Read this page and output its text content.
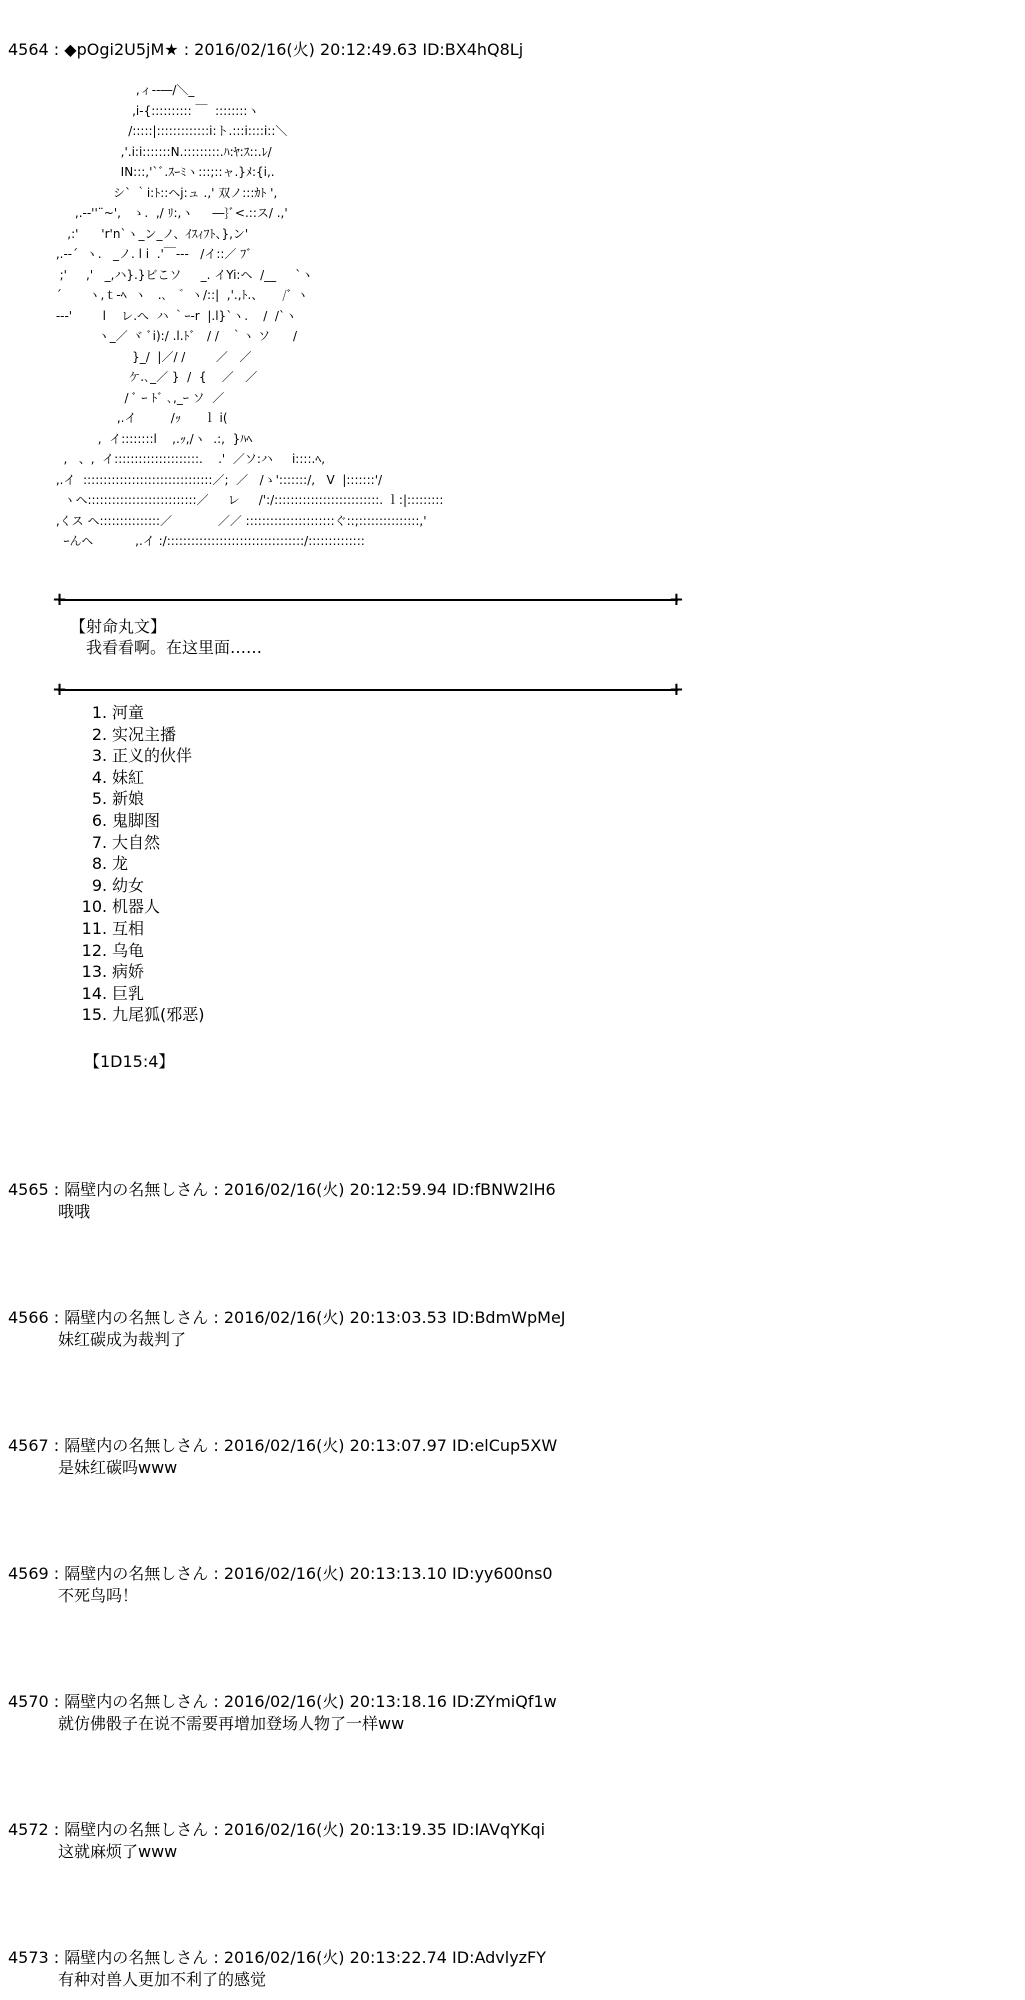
4564 : ◆pOgi2U5jM★ : 2016/02/16(火) 20:12:49.63 ID:BX4hQ8Lj
,ィ‐-―/＼_
,i-{:::::::::: ￣  ::::::::ヽ
/:::::|:::::::::::::i:ト.:::i::::i::＼
,'.i:i:::::::N.:::::::::.ﾊ:ﾔ:ｽ::.ﾚ/
IN:::,'`ﾞ.ｽｰﾐヽ:::;::ャ.}ﾒ:{i,.
シ` ｀i:ﾄ::ヘj:ュ .,' 双ノ:::ｶﾄ ',
,.-‐''¨~',   ゝ.  ,/ ﾘ:,ヽ     ―}ﾞ<.::ス/ .,'
,:'      'r'n`ヽ_ン_ノ、ｲｽｨﾌﾄ、},ン'
,.-‐´  ヽ.   _ノ. l i  .'￣‐-‐   /イ::／ ﾌﾞ
;'     ,'   _,ハ}.}ビこソ     _. イYi:ヘ  /__     `ヽ
´       ヽ,ｔ-ﾍ  ヽ   .､   ゛ヽ/::|  ,'.,ﾄ.、     /ﾞ ヽ
‐‐-'        l    レ.へ  ハ ｀ｰ-r  |.l}`ヽ.    /  /`ヽ
ヽ_／ ヾ ﾞi):/ .l.ﾄﾞ   / /   ｀ヽ ソ      /
}_/  |／/ /        ／   ／
ケ.､_／ }  /  {    ／   ／
/ ﾞ ｰ ﾄﾞ ､,_ｰ ソ  ／
,.イ         /ｯ      ｌ i(
,  イ::::::::l    ,.ｯ,/ヽ  .:,  }ﾊﾍ
,   、,  イ:::::::::::::::::::::.    .'  ／ソ:ハ     i::::.ﾍ,
,.イ  ::::::::::::::::::::::::::::::::／;  ／   /ゝ':::::::/,   V  |:::::::'/
ヽヘ:::::::::::::::::::::::::::／     レ     /':/::::::::::::::::::::::::::. ｌ:|:::::::::
,くス ヘ:::::::::::::::／            ／／ ::::::::::::::::::::::ぐ::;:::::::::::::::,'
ｰんヘ           ,.イ :/::::::::::::::::::::::::::::::::::/::::::::::::::
+	+
【射命丸文】
我看看啊。在这里面……
+	+
1. 河童
2. 实况主播
3. 正义的伙伴
4. 妹紅
5. 新娘
6. 鬼脚图
7. 大自然
8. 龙
9. 幼女
10. 机器人
11. 互相
12. 乌龟
13. 病娇
14. 巨乳
15. 九尾狐(邪恶)
【1D15:4】
4565 : 隔壁内の名無しさん : 2016/02/16(火) 20:12:59.94 ID:fBNW2lH6
哦哦
4566 : 隔壁内の名無しさん : 2016/02/16(火) 20:13:03.53 ID:BdmWpMeJ
妹红碳成为裁判了
4567 : 隔壁内の名無しさん : 2016/02/16(火) 20:13:07.97 ID:elCup5XW
是妹红碳吗www
4569 : 隔壁内の名無しさん : 2016/02/16(火) 20:13:13.10 ID:yy600ns0
不死鸟吗！
4570 : 隔壁内の名無しさん : 2016/02/16(火) 20:13:18.16 ID:ZYmiQf1w
就仿佛骰子在说不需要再增加登场人物了一样ww
4572 : 隔壁内の名無しさん : 2016/02/16(火) 20:13:19.35 ID:IAVqYKqi
这就麻烦了www
4573 : 隔壁内の名無しさん : 2016/02/16(火) 20:13:22.74 ID:AdvlyzFY
有种对兽人更加不利了的感觉
